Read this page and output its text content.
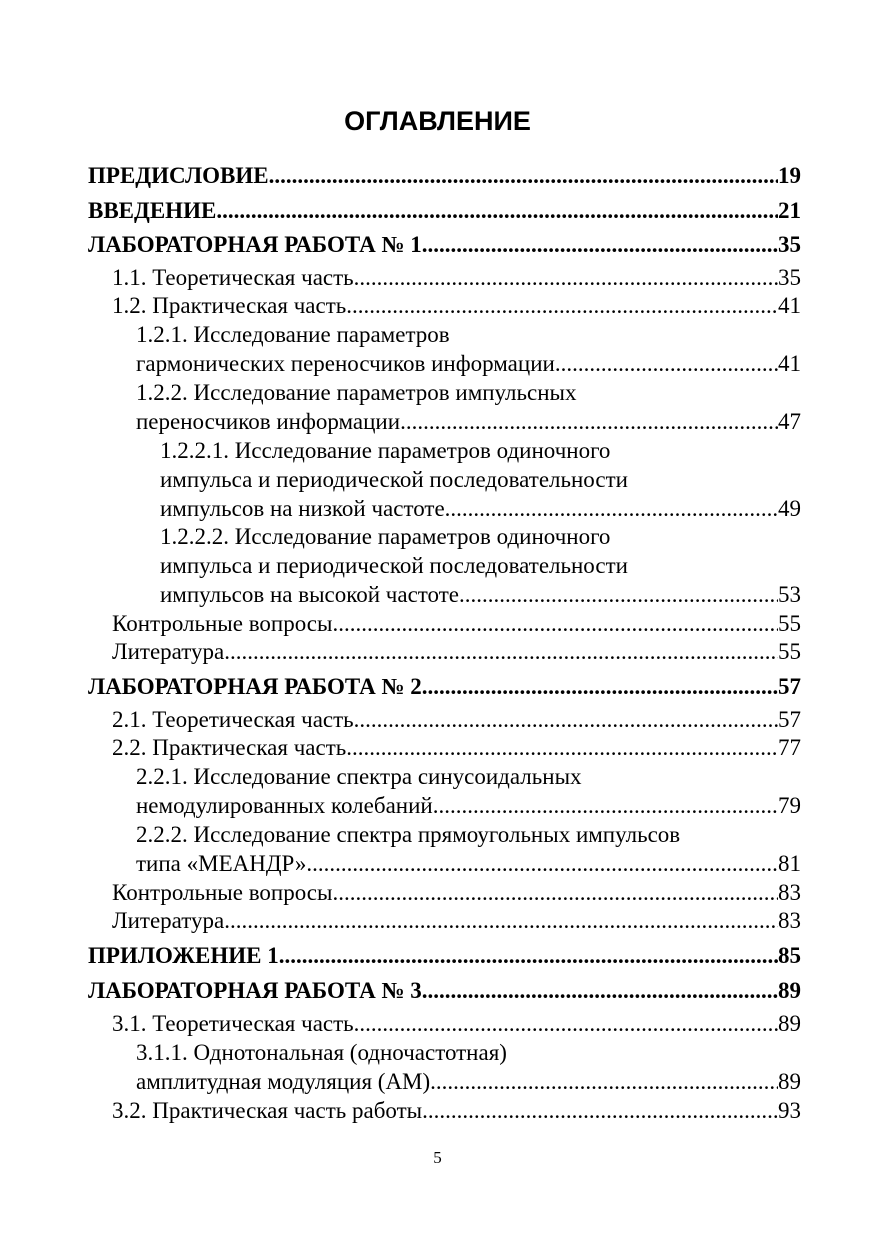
ОГЛАВЛЕНИЕ
ПРЕДИСЛОВИЕ .....	19
ВВЕДЕНИЕ .....	21
ЛАБОРАТОРНАЯ РАБОТА № 1 .....	35
1.1. Теоретическая часть .....	35
1.2. Практическая часть .....	41
1.2.1. Исследование параметров
гармонических переносчиков информации .....	41
1.2.2. Исследование параметров импульсных
переносчиков информации .....	47
1.2.2.1. Исследование параметров одиночного
импульса и периодической последовательности
импульсов на низкой частоте .....	49
1.2.2.2. Исследование параметров одиночного
импульса и периодической последовательности
импульсов на высокой частоте .....	53
Контрольные вопросы .....	55
Литература .....	55
ЛАБОРАТОРНАЯ РАБОТА № 2 .....	57
2.1. Теоретическая часть .....	57
2.2. Практическая часть .....	77
2.2.1. Исследование спектра синусоидальных
немодулированных колебаний .....	79
2.2.2. Исследование спектра прямоугольных импульсов
типа «МЕАНДР» .....	81
Контрольные вопросы .....	83
Литература .....	83
ПРИЛОЖЕНИЕ 1 .....	85
ЛАБОРАТОРНАЯ РАБОТА № 3 .....	89
3.1. Теоретическая часть .....	89
3.1.1. Однотональная (одночастотная)
амплитудная модуляция (АМ) .....	89
3.2. Практическая часть работы .....	93
5
